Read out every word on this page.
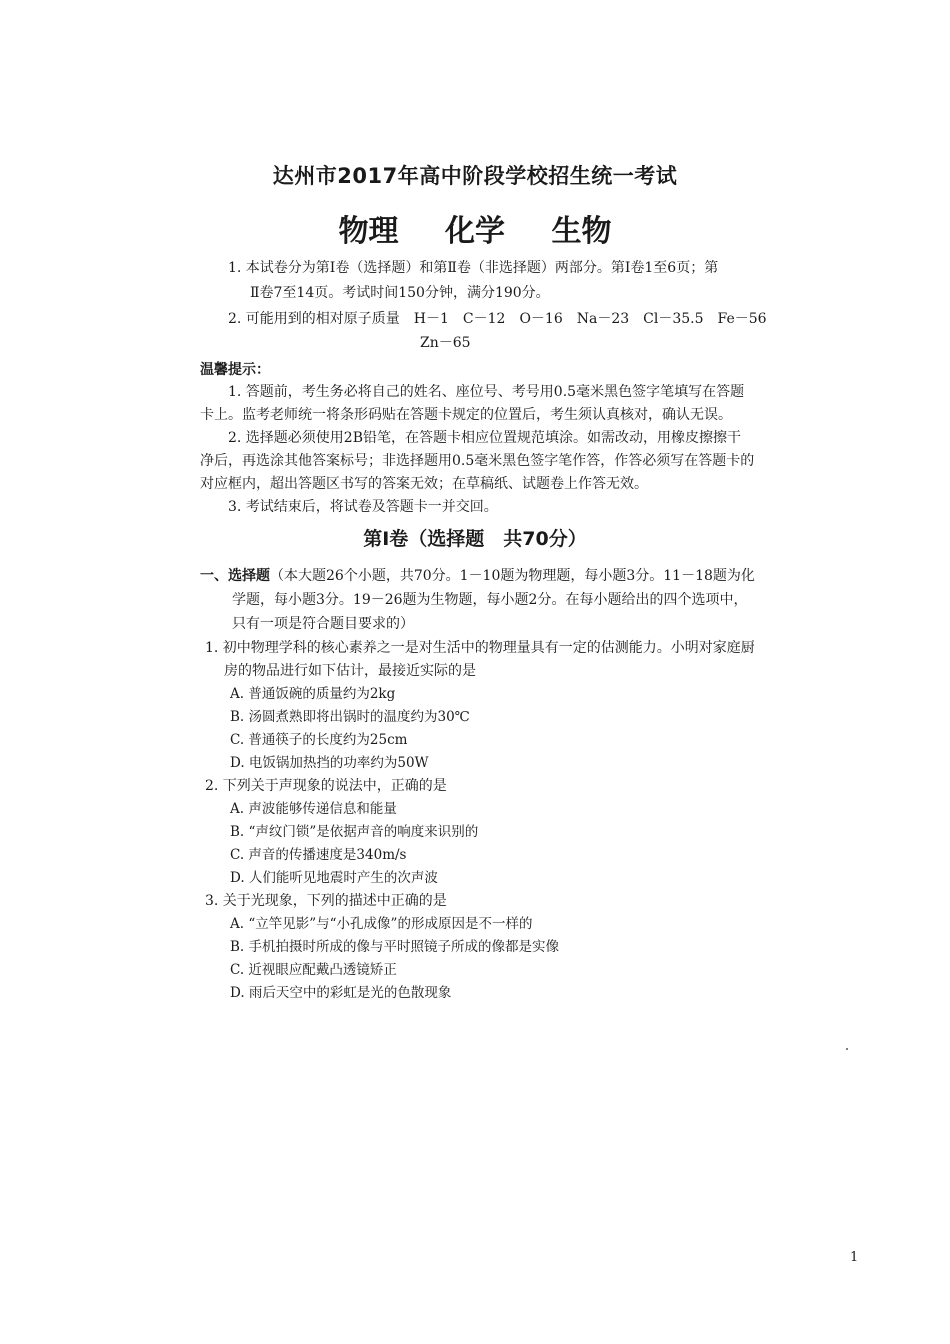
达州市2017年高中阶段学校招生统一考试
物理 化学 生物
1. 本试卷分为第Ⅰ卷（选择题）和第Ⅱ卷（非选择题）两部分。第Ⅰ卷1至6页；第
Ⅱ卷7至14页。考试时间150分钟，满分190分。
2. 可能用到的相对原子质量　H－1　C－12　O－16　Na－23　Cl－35.5　Fe－56
Zn－65
温馨提示：
1. 答题前，考生务必将自己的姓名、座位号、考号用0.5毫米黑色签字笔填写在答题
卡上。监考老师统一将条形码贴在答题卡规定的位置后，考生须认真核对，确认无误。
2. 选择题必须使用2B铅笔，在答题卡相应位置规范填涂。如需改动，用橡皮擦擦干
净后，再选涂其他答案标号；非选择题用0.5毫米黑色签字笔作答，作答必须写在答题卡的
对应框内，超出答题区书写的答案无效；在草稿纸、试题卷上作答无效。
3. 考试结束后，将试卷及答题卡一并交回。
第Ⅰ卷（选择题　共70分）
一、选择题（本大题26个小题，共70分。1－10题为物理题，每小题3分。11－18题为化
学题，每小题3分。19－26题为生物题，每小题2分。在每小题给出的四个选项中，
只有一项是符合题目要求的）
1. 初中物理学科的核心素养之一是对生活中的物理量具有一定的估测能力。小明对家庭厨
房的物品进行如下估计，最接近实际的是
A. 普通饭碗的质量约为2kg
B. 汤圆煮熟即将出锅时的温度约为30℃
C. 普通筷子的长度约为25cm
D. 电饭锅加热挡的功率约为50W
2. 下列关于声现象的说法中，正确的是
A. 声波能够传递信息和能量
B. “声纹门锁”是依据声音的响度来识别的
C. 声音的传播速度是340m/s
D. 人们能听见地震时产生的次声波
3. 关于光现象，下列的描述中正确的是
A. “立竿见影”与“小孔成像”的形成原因是不一样的
B. 手机拍摄时所成的像与平时照镜子所成的像都是实像
C. 近视眼应配戴凸透镜矫正
D. 雨后天空中的彩虹是光的色散现象
1
